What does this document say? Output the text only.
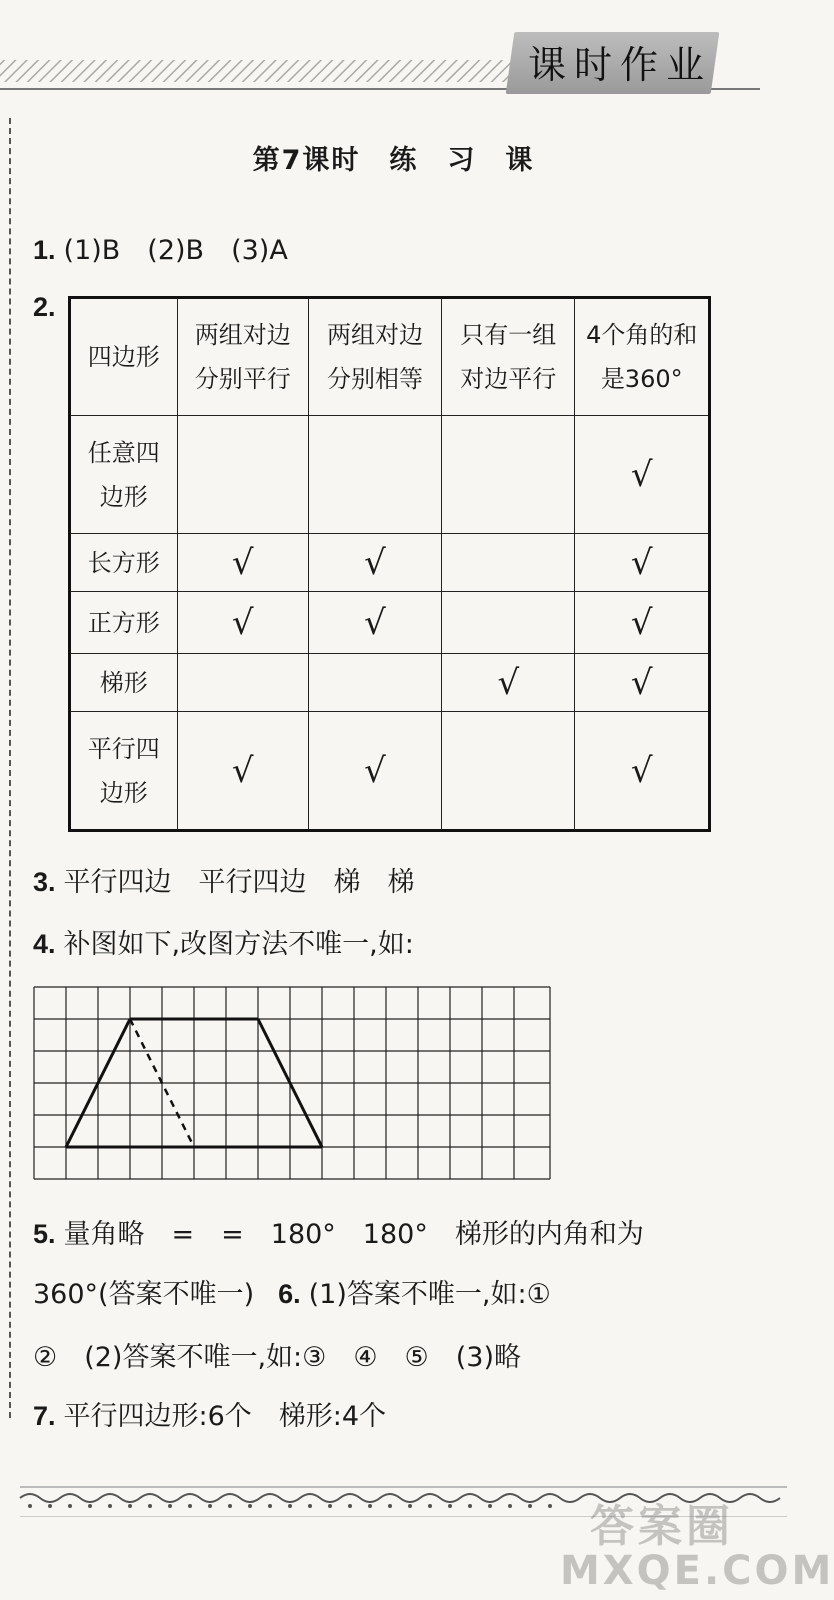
课时作业
第7课时　练　习　课
1. (1)B　(2)B　(3)A
2.
四边形	两组对边分别平行	两组对边分别相等	只有一组对边平行	4个角的和是360°
任意四边形				√
长方形	√	√		√
正方形	√	√		√
梯形			√	√
平行四边形	√	√		√
3. 平行四边　平行四边　梯　梯
4. 补图如下,改图方法不唯一,如:
5. 量角略　=　=　180°　180°　梯形的内角和为
360°(答案不唯一) 6. (1)答案不唯一,如:①
②　(2)答案不唯一,如:③　④　⑤　(3)略
7. 平行四边形:6个　梯形:4个
答案圈
MXQE.COM
